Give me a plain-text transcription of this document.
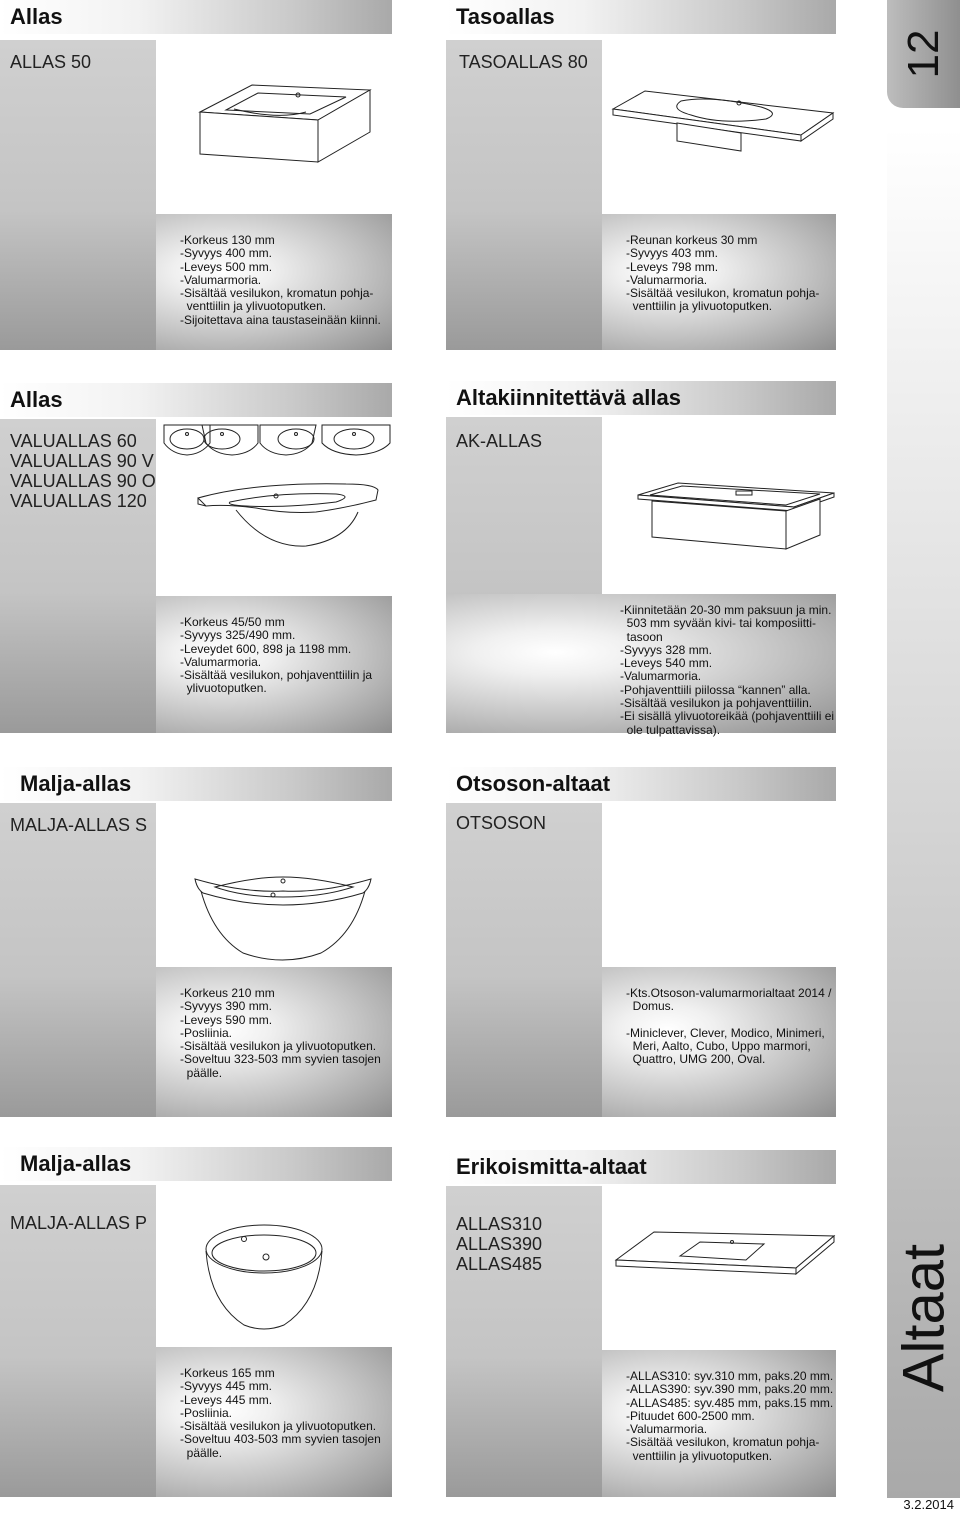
12
Altaat
3.2.2014
Allas
ALLAS 50
-Korkeus 130 mm
-Syvyys 400 mm.
-Leveys 500 mm.
-Valumarmoria.
-Sisältää vesilukon, kromatun pohja-
venttiilin ja ylivuotoputken.
-Sijoitettava aina taustaseinään kiinni.
Tasoallas
TASOALLAS 80
-Reunan korkeus 30 mm
-Syvyys 403 mm.
-Leveys 798 mm.
-Valumarmoria.
-Sisältää vesilukon, kromatun pohja-
venttiilin ja ylivuotoputken.
Allas
VALUALLAS 60
VALUALLAS 90 V
VALUALLAS 90 O
VALUALLAS 120
-Korkeus 45/50 mm
-Syvyys 325/490 mm.
-Leveydet 600, 898 ja 1198 mm.
-Valumarmoria.
-Sisältää vesilukon, pohjaventtiilin ja
ylivuotoputken.
Altakiinnitettävä allas
AK-ALLAS
-Kiinnitetään 20-30 mm paksuun ja min.
503 mm syvään kivi- tai komposiitti-
tasoon
-Syvyys 328 mm.
-Leveys 540 mm.
-Valumarmoria.
-Pohjaventtiili piilossa “kannen” alla.
-Sisältää vesilukon ja pohjaventtiilin.
-Ei sisällä ylivuotoreikää (pohjaventtiili ei
ole tulpattavissa).
Malja-allas
MALJA-ALLAS S
-Korkeus 210 mm
-Syvyys 390 mm.
-Leveys 590 mm.
-Posliinia.
-Sisältää vesilukon ja ylivuotoputken.
-Soveltuu 323-503 mm syvien tasojen
päälle.
Otsoson-altaat
OTSOSON
-Kts.Otsoson-valumarmorialtaat 2014 /
Domus.
-Miniclever, Clever, Modico, Minimeri,
Meri, Aalto, Cubo, Uppo marmori,
Quattro, UMG 200, Oval.
Malja-allas
MALJA-ALLAS P
-Korkeus 165 mm
-Syvyys 445 mm.
-Leveys 445 mm.
-Posliinia.
-Sisältää vesilukon ja ylivuotoputken.
-Soveltuu 403-503 mm syvien tasojen
päälle.
Erikoismitta-altaat
ALLAS310
ALLAS390
ALLAS485
-ALLAS310: syv.310 mm, paks.20 mm.
-ALLAS390: syv.390 mm, paks.20 mm.
-ALLAS485: syv.485 mm, paks.15 mm.
-Pituudet 600-2500 mm.
-Valumarmoria.
-Sisältää vesilukon, kromatun pohja-
venttiilin ja ylivuotoputken.
